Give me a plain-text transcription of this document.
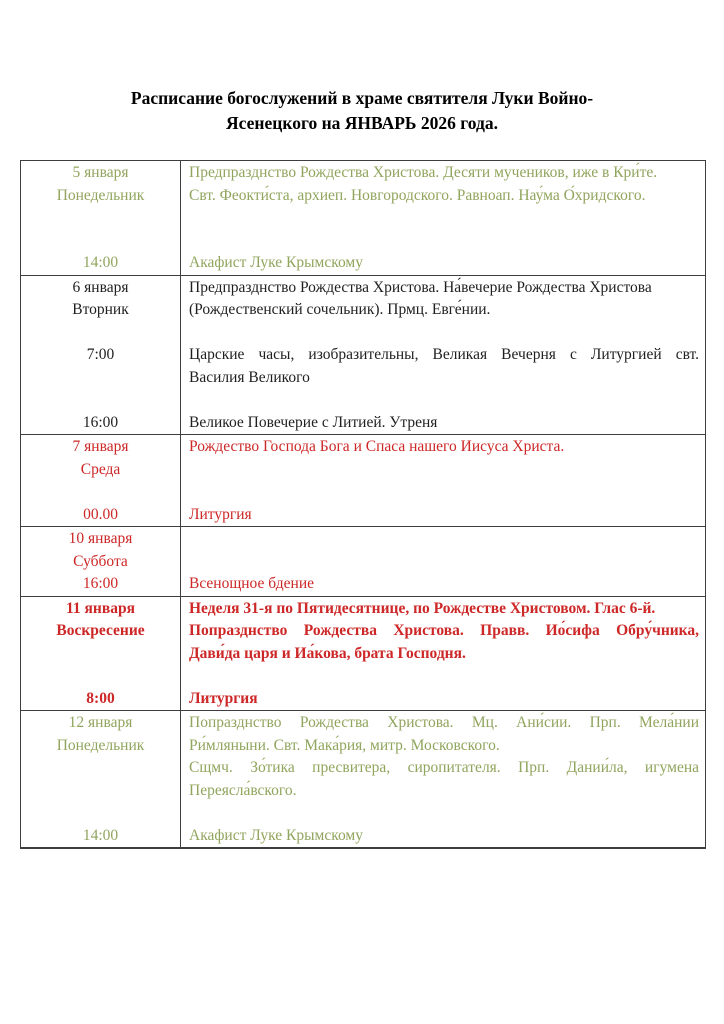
Расписание богослужений в храме святителя Луки Войно-Ясенецкого на ЯНВАРЬ 2026 года.
5 января
Понедельник
14:00
Предпразднство Рождества Христова. Десяти мучеников, иже в Кри́те.
Свт. Феокти́ста, архиеп. Новгородского. Равноап. Нау́ма О́хридского.
Акафист Луке Крымскому
6 января
Вторник
7:00
16:00
Предпразднство Рождества Христова. На́вечерие Рождества Христова
(Рождественский сочельник). Прмц. Евге́нии.
Царские часы, изобразительны, Великая Вечерня с Литургией свт.
Василия Великого
Великое Повечерие с Литией. Утреня
7 января
Среда
00.00
Рождество Господа Бога и Спаса нашего Иисуса Христа.
Литургия
10 января
Суббота
16:00	Всенощное бдение
11 января
Воскресение
8:00
Неделя 31-я по Пятидесятнице, по Рождестве Христовом. Глас 6-й.
Попразднство Рождества Христова. Правв. Ио́сифа Обру́чника,
Дави́да царя и Иа́кова, брата Господня.
Литургия
12 января
Понедельник
14:00
Попразднство Рождества Христова. Мц. Ани́сии. Прп. Мела́нии
Ри́мляныни. Свт. Мака́рия, митр. Московского.
Сщмч. Зо́тика пресвитера, сиропитателя. Прп. Дании́ла, игумена
Переясла́вского.
Акафист Луке Крымскому
